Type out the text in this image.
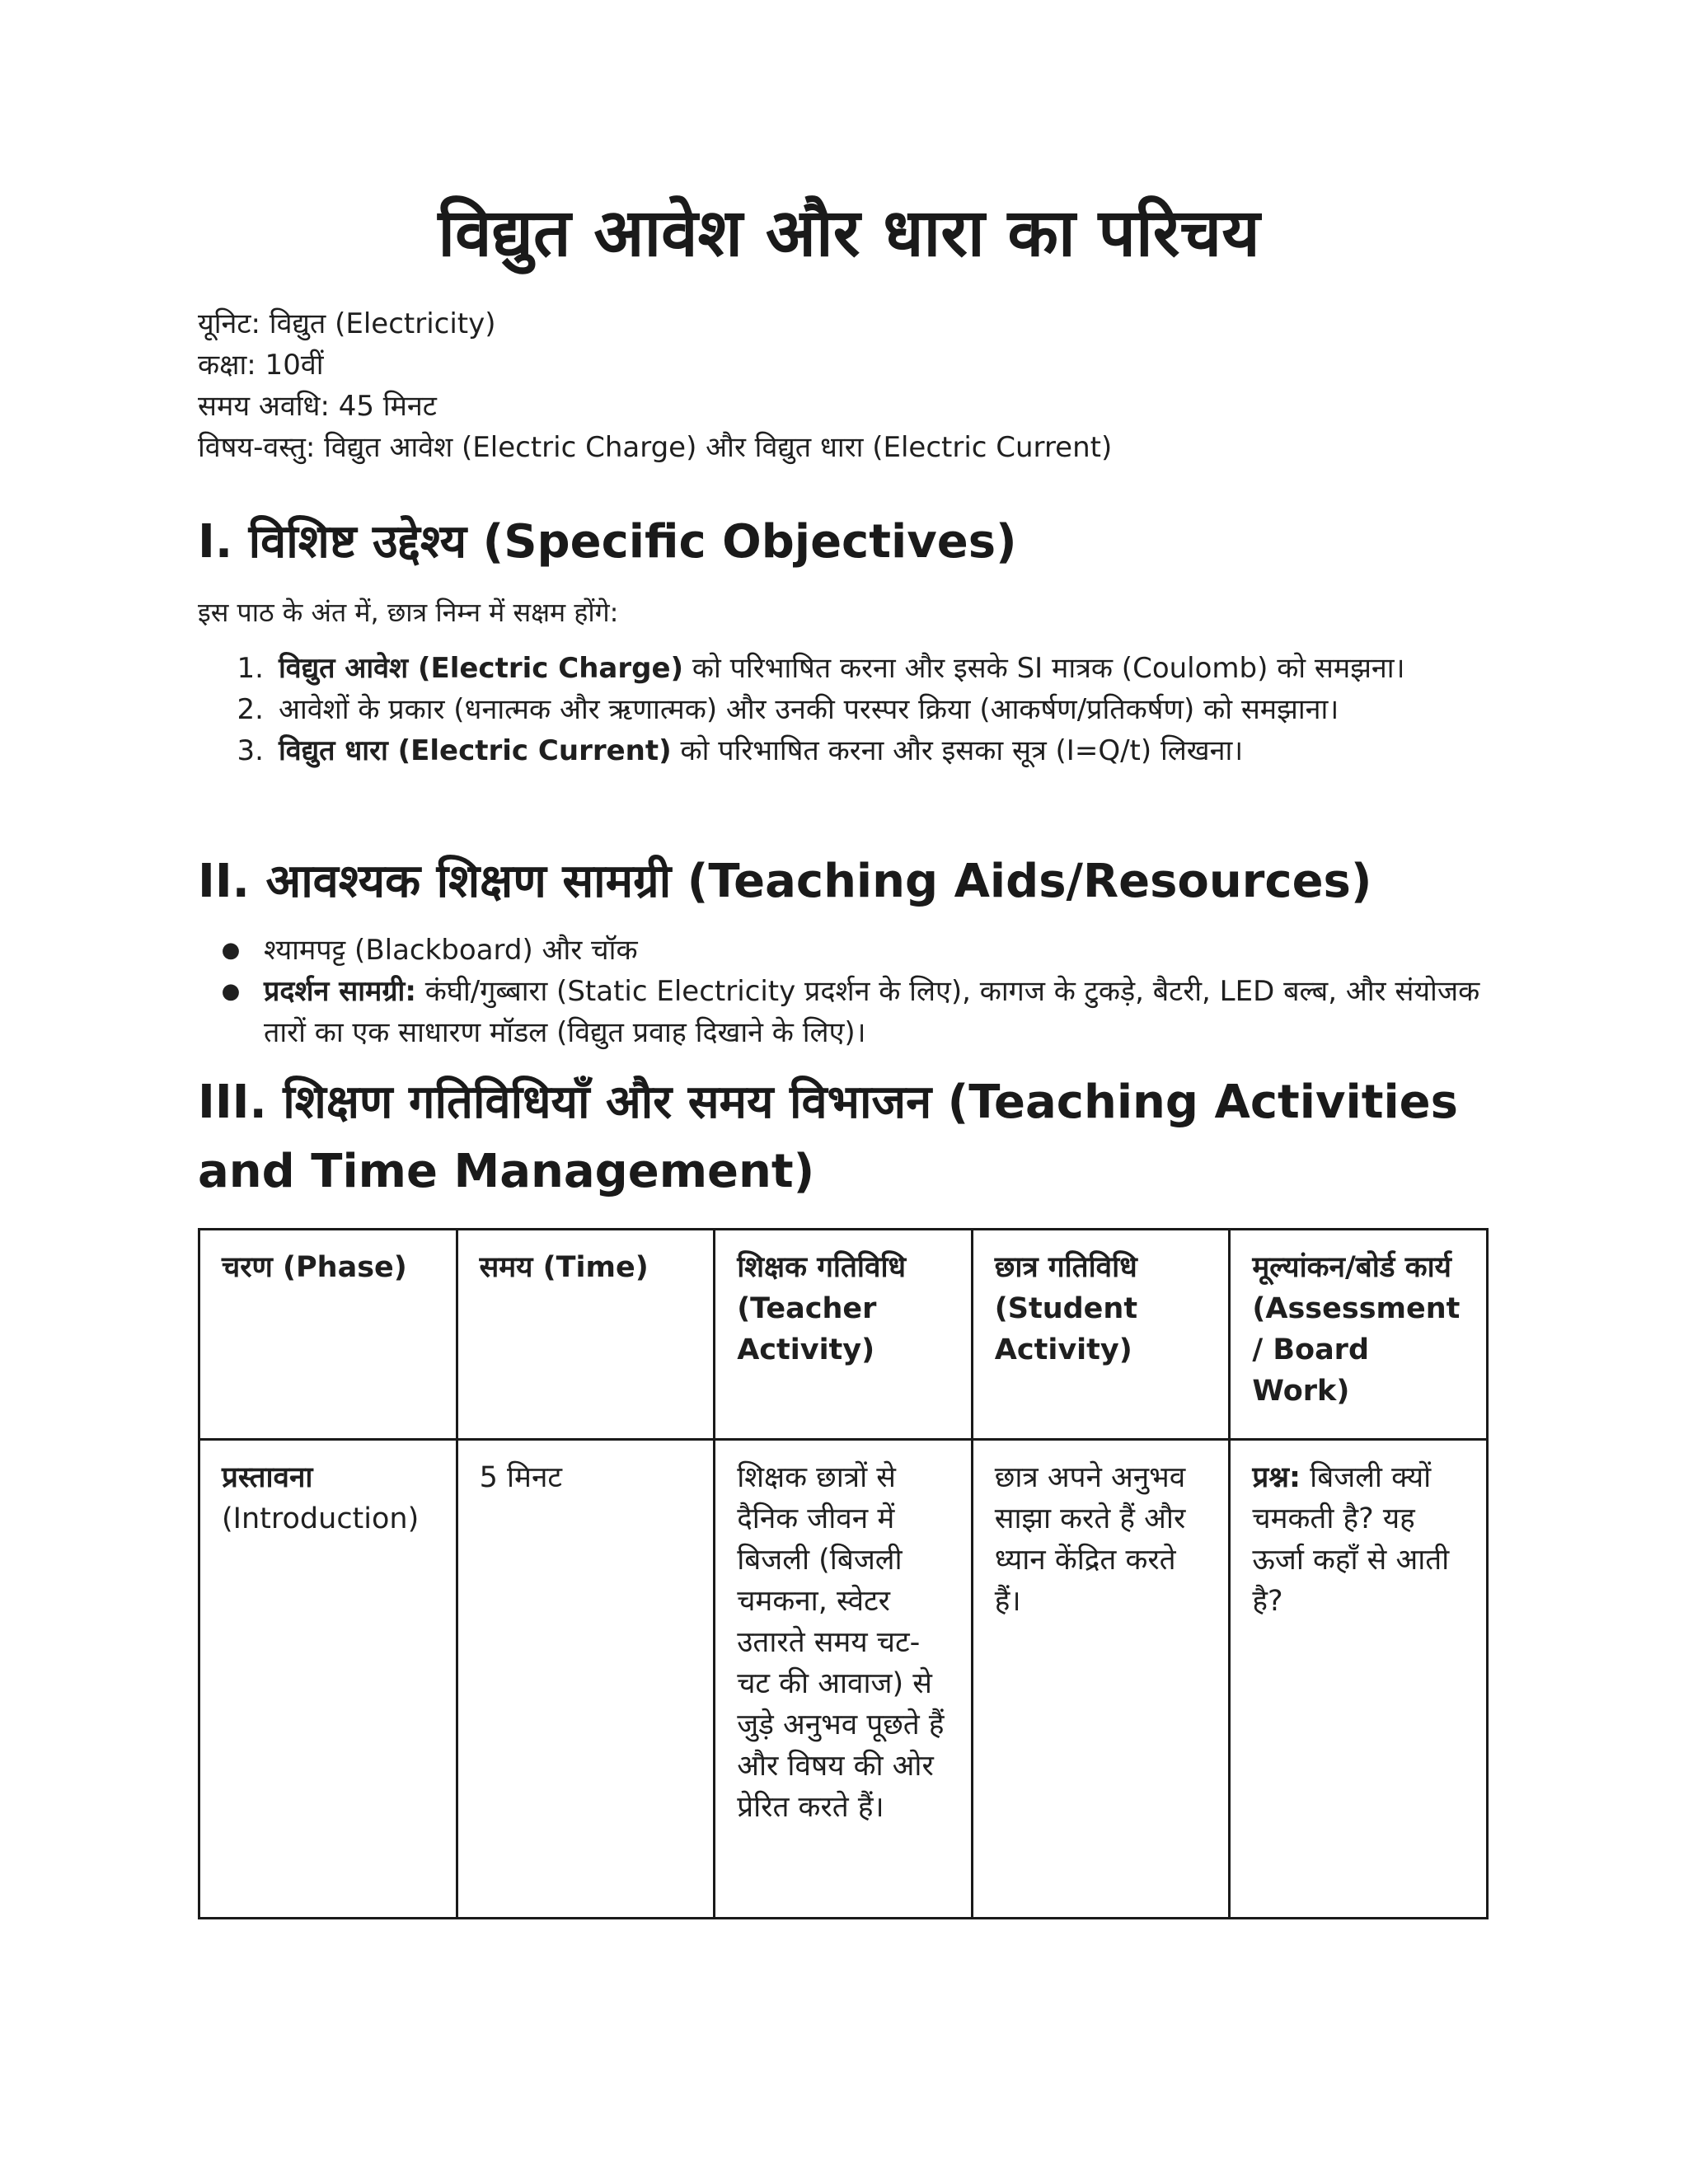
विद्युत आवेश और धारा का परिचय
यूनिट: विद्युत (Electricity)
कक्षा: 10वीं
समय अवधि: 45 मिनट
विषय-वस्तु: विद्युत आवेश (Electric Charge) और विद्युत धारा (Electric Current)
I. विशिष्ट उद्देश्य (Specific Objectives)
इस पाठ के अंत में, छात्र निम्न में सक्षम होंगे:
1. विद्युत आवेश (Electric Charge) को परिभाषित करना और इसके SI मात्रक (Coulomb) को समझना।
2. आवेशों के प्रकार (धनात्मक और ऋणात्मक) और उनकी परस्पर क्रिया (आकर्षण/प्रतिकर्षण) को समझाना।
3. विद्युत धारा (Electric Current) को परिभाषित करना और इसका सूत्र (I=Q/t) लिखना।
II. आवश्यक शिक्षण सामग्री (Teaching Aids/Resources)
● श्यामपट्ट (Blackboard) और चॉक
● प्रदर्शन सामग्री: कंघी/गुब्बारा (Static Electricity प्रदर्शन के लिए), कागज के टुकड़े, बैटरी, LED बल्ब, और संयोजक तारों का एक साधारण मॉडल (विद्युत प्रवाह दिखाने के लिए)।
III. शिक्षण गतिविधियाँ और समय विभाजन (Teaching Activities and Time Management)
चरण (Phase)	समय (Time)	शिक्षक गतिविधि (Teacher Activity)	छात्र गतिविधि (Student Activity)	मूल्यांकन/बोर्ड कार्य (Assessment/ Board Work)

प्रस्तावना
(Introduction)	5 मिनट	शिक्षक छात्रों से दैनिक जीवन में बिजली (बिजली चमकना, स्वेटर उतारते समय चट-चट की आवाज) से जुड़े अनुभव पूछते हैं और विषय की ओर प्रेरित करते हैं।	छात्र अपने अनुभव साझा करते हैं और ध्यान केंद्रित करते हैं।	प्रश्न: बिजली क्यों चमकती है? यह ऊर्जा कहाँ से आती है?
